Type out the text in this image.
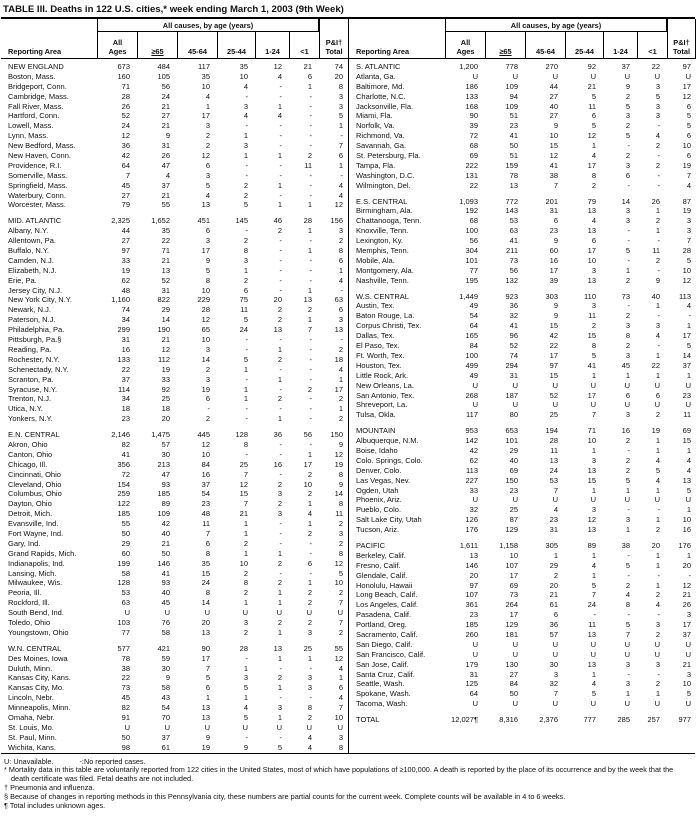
TABLE III. Deaths in 122 U.S. cities,* week ending March 1, 2003 (9th Week)
Reporting Area
All causes, by age (years)
All Ages	≥65	45-64	25-44	1-24	<1
P&I† Total
NEW ENGLAND	673	484	117	35	12	21	74
Boston, Mass.	160	105	35	10	4	6	20
Bridgeport, Conn.	71	56	10	4	-	1	8
Cambridge, Mass.	28	24	4	-	-	-	3
Fall River, Mass.	26	21	1	3	1	-	3
Hartford, Conn.	52	27	17	4	4	-	5
Lowell, Mass.	24	21	3	-	-	-	1
Lynn, Mass.	12	9	2	1	-	-	-
New Bedford, Mass.	36	31	2	3	-	-	7
New Haven, Conn.	42	26	12	1	1	2	6
Providence, R.I.	64	47	6	-	-	11	1
Somerville, Mass.	7	4	3	-	-	-	-
Springfield, Mass.	45	37	5	2	1	-	4
Waterbury, Conn.	27	21	4	2	-	-	4
Worcester, Mass.	79	55	13	5	1	1	12
MID. ATLANTIC	2,325	1,652	451	145	46	28	156
Albany, N.Y.	44	35	6	-	2	1	3
Allentown, Pa.	27	22	3	2	-	-	2
Buffalo, N.Y.	97	71	17	8	-	1	8
Camden, N.J.	33	21	9	3	-	-	6
Elizabeth, N.J.	19	13	5	1	-	-	1
Erie, Pa.	62	52	8	2	-	-	4
Jersey City, N.J.	48	31	10	6	-	1	-
New York City, N.Y.	1,160	822	229	75	20	13	63
Newark, N.J.	74	29	28	11	2	2	6
Paterson, N.J.	34	14	12	5	2	1	3
Philadelphia, Pa.	299	190	65	24	13	7	13
Pittsburgh, Pa.§	31	21	10	-	-	-	-
Reading, Pa.	16	12	3	-	1	-	2
Rochester, N.Y.	133	112	14	5	2	-	18
Schenectady, N.Y.	22	19	2	1	-	-	4
Scranton, Pa.	37	33	3	-	1	-	1
Syracuse, N.Y.	114	92	19	1	-	2	17
Trenton, N.J.	34	25	6	1	2	-	2
Utica, N.Y.	18	18	-	-	-	-	1
Yonkers, N.Y.	23	20	2	-	1	-	2
E.N. CENTRAL	2,146	1,475	445	128	36	56	150
Akron, Ohio	82	57	12	8	-	-	9
Canton, Ohio	41	30	10	-	-	1	12
Chicago, Ill.	356	213	84	25	16	17	19
Cincinnati, Ohio	72	47	16	7	-	2	8
Cleveland, Ohio	154	93	37	12	2	10	9
Columbus, Ohio	259	185	54	15	3	2	14
Dayton, Ohio	122	89	23	7	2	1	8
Detroit, Mich.	185	109	48	21	3	4	11
Evansville, Ind.	55	42	11	1	-	1	2
Fort Wayne, Ind.	50	40	7	1	-	2	3
Gary, Ind.	29	21	6	2	-	-	2
Grand Rapids, Mich.	60	50	8	1	1	-	8
Indianapolis, Ind.	199	146	35	10	2	6	12
Lansing, Mich.	58	41	15	2	-	-	5
Milwaukee, Wis.	128	93	24	8	2	1	10
Peoria, Ill.	53	40	8	2	1	2	2
Rockford, Ill.	63	45	14	1	1	2	7
South Bend, Ind.	U	U	U	U	U	U	U
Toledo, Ohio	103	76	20	3	2	2	7
Youngstown, Ohio	77	58	13	2	1	3	2
W.N. CENTRAL	577	421	90	28	13	25	55
Des Moines, Iowa	78	59	17	-	1	1	12
Duluth, Minn.	38	30	7	1	-	-	4
Kansas City, Kans.	22	9	5	3	2	3	1
Kansas City, Mo.	73	58	6	5	1	3	6
Lincoln, Nebr.	45	43	1	1	-	-	4
Minneapolis, Minn.	82	54	13	4	3	8	7
Omaha, Nebr.	91	70	13	5	1	2	10
St. Louis, Mo.	U	U	U	U	U	U	U
St. Paul, Minn.	50	37	9	-	-	4	3
Wichita, Kans.	98	61	19	9	5	4	8
Reporting Area
All causes, by age (years)
All Ages	≥65	45-64	25-44	1-24	<1
P&I† Total
S. ATLANTIC	1,200	778	270	92	37	22	97
Atlanta, Ga.	U	U	U	U	U	U	U
Baltimore, Md.	186	109	44	21	9	3	17
Charlotte, N.C.	133	94	27	5	2	5	12
Jacksonville, Fla.	168	109	40	11	5	3	6
Miami, Fla.	90	51	27	6	3	3	5
Norfolk, Va.	39	23	9	5	2	-	5
Richmond, Va.	72	41	10	12	5	4	6
Savannah, Ga.	68	50	15	1	-	2	10
St. Petersburg, Fla.	69	51	12	4	2	-	6
Tampa, Fla.	222	159	41	17	3	2	19
Washington, D.C.	131	78	38	8	6	-	7
Wilmington, Del.	22	13	7	2	-	-	4
E.S. CENTRAL	1,093	772	201	79	14	26	87
Birmingham, Ala.	192	143	31	13	3	1	19
Chattanooga, Tenn.	68	53	6	4	3	2	3
Knoxville, Tenn.	100	63	23	13	-	1	3
Lexington, Ky.	56	41	9	6	-	-	7
Memphis, Tenn.	304	211	60	17	5	11	28
Mobile, Ala.	101	73	16	10	-	2	5
Montgomery, Ala.	77	56	17	3	1	-	10
Nashville, Tenn.	195	132	39	13	2	9	12
W.S. CENTRAL	1,449	923	303	110	73	40	113
Austin, Tex.	49	36	9	3	-	1	4
Baton Rouge, La.	54	32	9	11	2	-	-
Corpus Christi, Tex.	64	41	15	2	3	3	1
Dallas, Tex.	165	96	42	15	8	4	17
El Paso, Tex.	84	52	22	8	2	-	5
Ft. Worth, Tex.	100	74	17	5	3	1	14
Houston, Tex.	499	294	97	41	45	22	37
Little Rock, Ark.	49	31	15	1	1	1	1
New Orleans, La.	U	U	U	U	U	U	U
San Antonio, Tex.	268	187	52	17	6	6	23
Shreveport, La.	U	U	U	U	U	U	U
Tulsa, Okla.	117	80	25	7	3	2	11
MOUNTAIN	953	653	194	71	16	19	69
Albuquerque, N.M.	142	101	28	10	2	1	15
Boise, Idaho	42	29	11	1	-	1	1
Colo. Springs, Colo.	62	40	13	3	2	4	4
Denver, Colo.	113	69	24	13	2	5	4
Las Vegas, Nev.	227	150	53	15	5	4	13
Ogden, Utah	33	23	7	1	1	1	5
Phoenix, Ariz.	U	U	U	U	U	U	U
Pueblo, Colo.	32	25	4	3	-	-	1
Salt Lake City, Utah	126	87	23	12	3	1	10
Tucson, Ariz.	176	129	31	13	1	2	16
PACIFIC	1,611	1,158	305	89	38	20	176
Berkeley, Calif.	13	10	1	1	-	1	1
Fresno, Calif.	146	107	29	4	5	1	20
Glendale, Calif.	20	17	2	1	-	-	-
Honolulu, Hawaii	97	69	20	5	2	1	12
Long Beach, Calif.	107	73	21	7	4	2	21
Los Angeles, Calif.	361	264	61	24	8	4	26
Pasadena, Calif.	23	17	6	-	-	-	3
Portland, Oreg.	185	129	36	11	5	3	17
Sacramento, Calif.	260	181	57	13	7	2	37
San Diego, Calif.	U	U	U	U	U	U	U
San Francisco, Calif.	U	U	U	U	U	U	U
San Jose, Calif.	179	130	30	13	3	3	21
Santa Cruz, Calif.	31	27	3	1	-	-	3
Seattle, Wash.	125	84	32	4	3	2	10
Spokane, Wash.	64	50	7	5	1	1	5
Tacoma, Wash.	U	U	U	U	U	U	U
TOTAL	12,027¶	8,316	2,376	777	285	257	977
U: Unavailable.	-:No reported cases.
* Mortality data in this table are voluntarily reported from 122 cities in the United States, most of which have populations of ≥100,000. A death is reported by the place of its occurrence and by the week that the death certificate was filed. Fetal deaths are not included.
† Pneumonia and influenza.
§ Because of changes in reporting methods in this Pennsylvania city, these numbers are partial counts for the current week. Complete counts will be available in 4 to 6 weeks.
¶ Total includes unknown ages.
